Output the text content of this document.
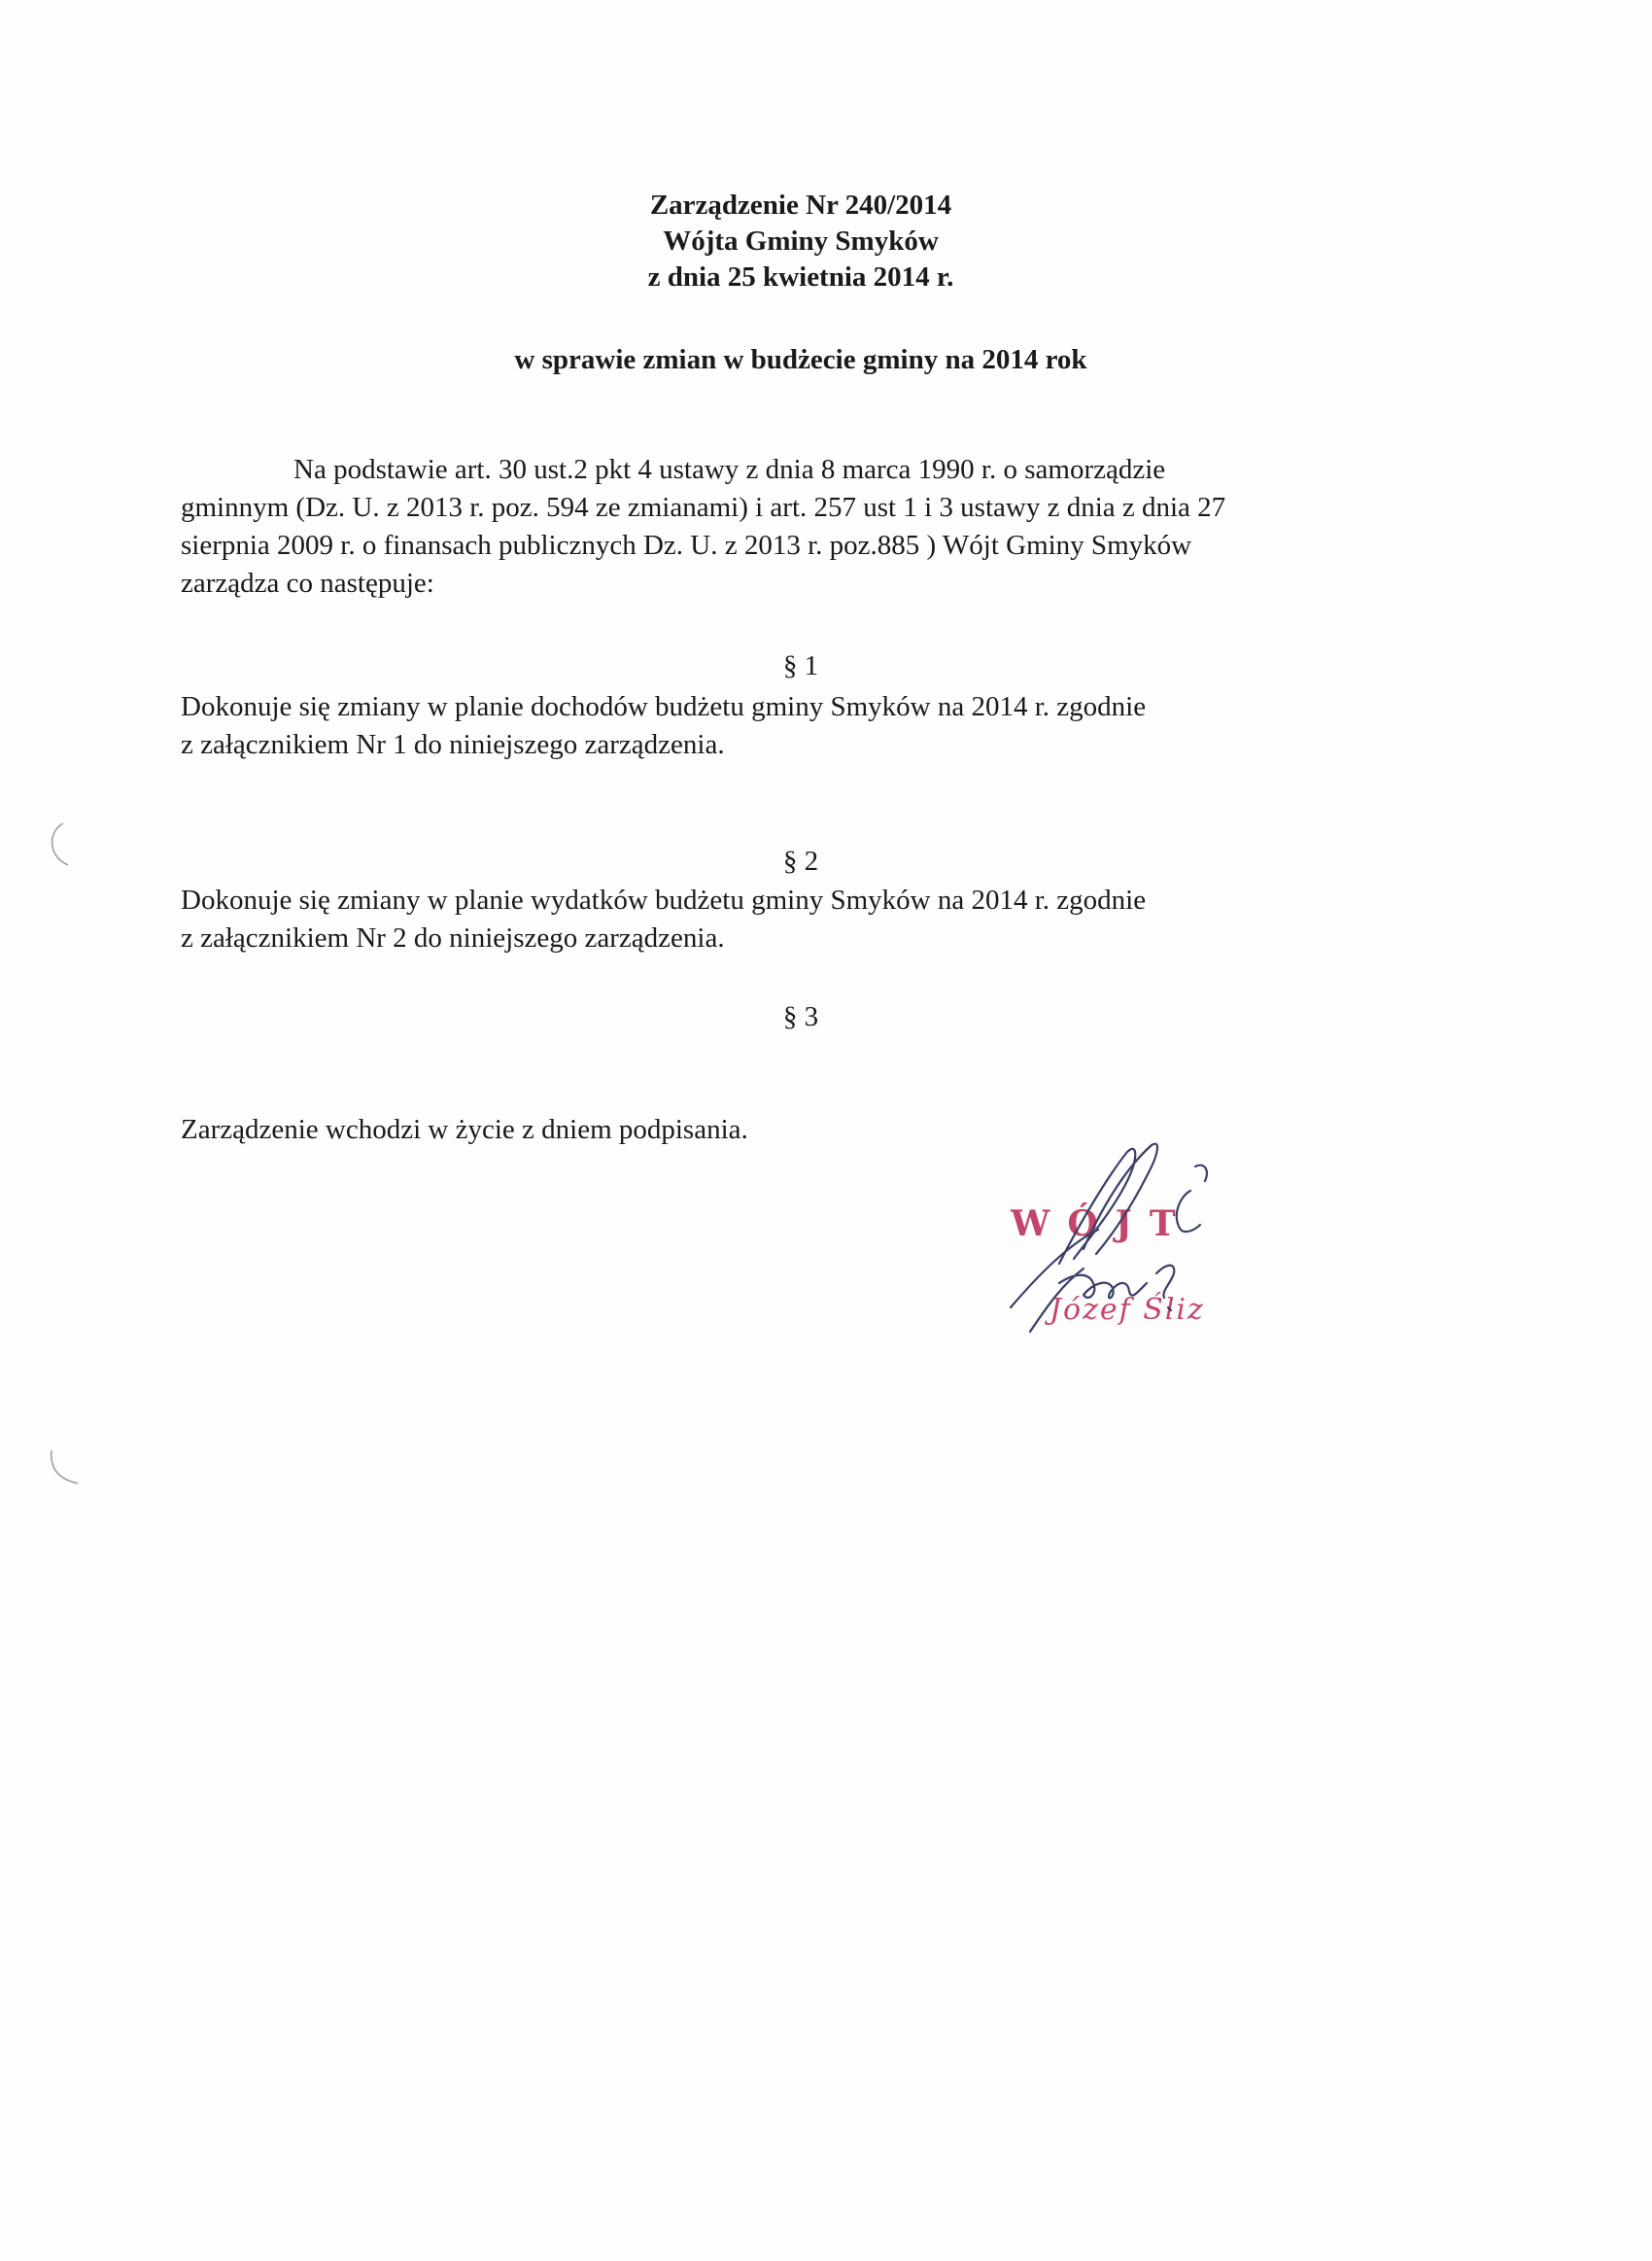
Zarządzenie Nr 240/2014
Wójta Gminy Smyków
z dnia 25 kwietnia 2014 r.
w sprawie zmian w budżecie gminy na 2014 rok
Na podstawie art. 30 ust.2 pkt 4 ustawy z dnia 8 marca 1990 r. o samorządzie
gminnym (Dz. U. z 2013 r. poz. 594 ze zmianami) i art. 257 ust 1 i 3 ustawy z dnia z dnia 27
sierpnia 2009 r. o finansach publicznych Dz. U. z 2013 r. poz.885 ) Wójt Gminy Smyków
zarządza co następuje:
§ 1
Dokonuje się zmiany w planie dochodów budżetu gminy Smyków na 2014 r. zgodnie
z załącznikiem Nr 1 do niniejszego zarządzenia.
§ 2
Dokonuje się zmiany w planie wydatków budżetu gminy Smyków na 2014 r. zgodnie
z załącznikiem Nr 2 do niniejszego zarządzenia.
§ 3
Zarządzenie wchodzi w życie z dniem podpisania.
WÓJT
Józef Śliz
